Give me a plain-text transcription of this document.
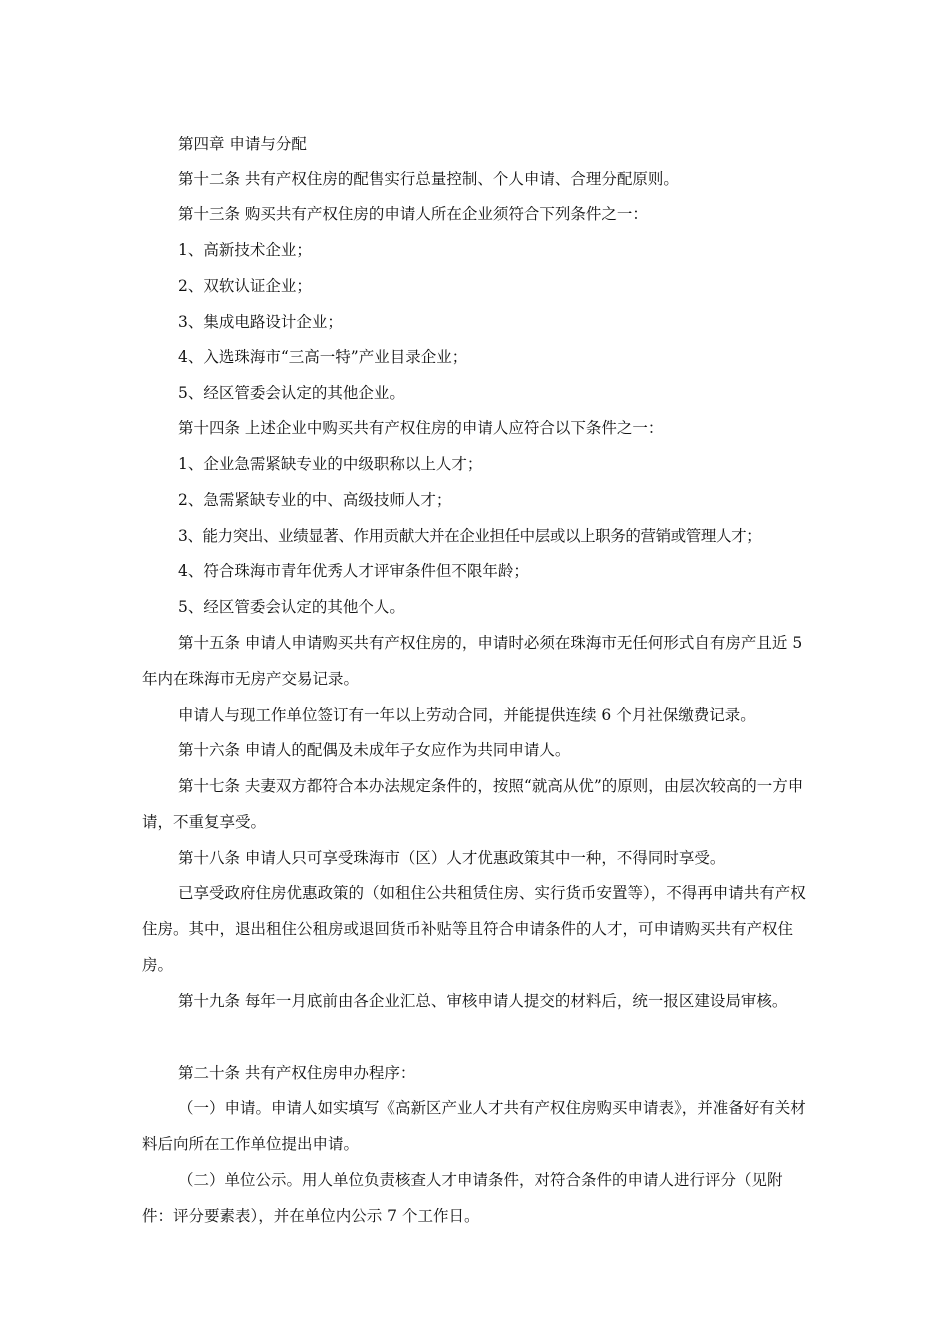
第四章 申请与分配

第十二条 共有产权住房的配售实行总量控制、个人申请、合理分配原则。

第十三条 购买共有产权住房的申请人所在企业须符合下列条件之一：

1、高新技术企业；

2、双软认证企业；

3、集成电路设计企业；

4、入选珠海市“三高一特”产业目录企业；

5、经区管委会认定的其他企业。

第十四条 上述企业中购买共有产权住房的申请人应符合以下条件之一：

1、企业急需紧缺专业的中级职称以上人才；

2、急需紧缺专业的中、高级技师人才；

3、能力突出、业绩显著、作用贡献大并在企业担任中层或以上职务的营销或管理人才；

4、符合珠海市青年优秀人才评审条件但不限年龄；

5、经区管委会认定的其他个人。

第十五条 申请人申请购买共有产权住房的，申请时必须在珠海市无任何形式自有房产且近 5 年内在珠海市无房产交易记录。

申请人与现工作单位签订有一年以上劳动合同，并能提供连续 6 个月社保缴费记录。

第十六条 申请人的配偶及未成年子女应作为共同申请人。

第十七条 夫妻双方都符合本办法规定条件的，按照“就高从优”的原则，由层次较高的一方申请，不重复享受。

第十八条 申请人只可享受珠海市（区）人才优惠政策其中一种，不得同时享受。

已享受政府住房优惠政策的（如租住公共租赁住房、实行货币安置等），不得再申请共有产权住房。其中，退出租住公租房或退回货币补贴等且符合申请条件的人才，可申请购买共有产权住房。

第十九条 每年一月底前由各企业汇总、审核申请人提交的材料后，统一报区建设局审核。

第二十条 共有产权住房申办程序：

（一）申请。申请人如实填写《高新区产业人才共有产权住房购买申请表》，并准备好有关材料后向所在工作单位提出申请。

（二）单位公示。用人单位负责核查人才申请条件，对符合条件的申请人进行评分（见附件：评分要素表），并在单位内公示 7 个工作日。
